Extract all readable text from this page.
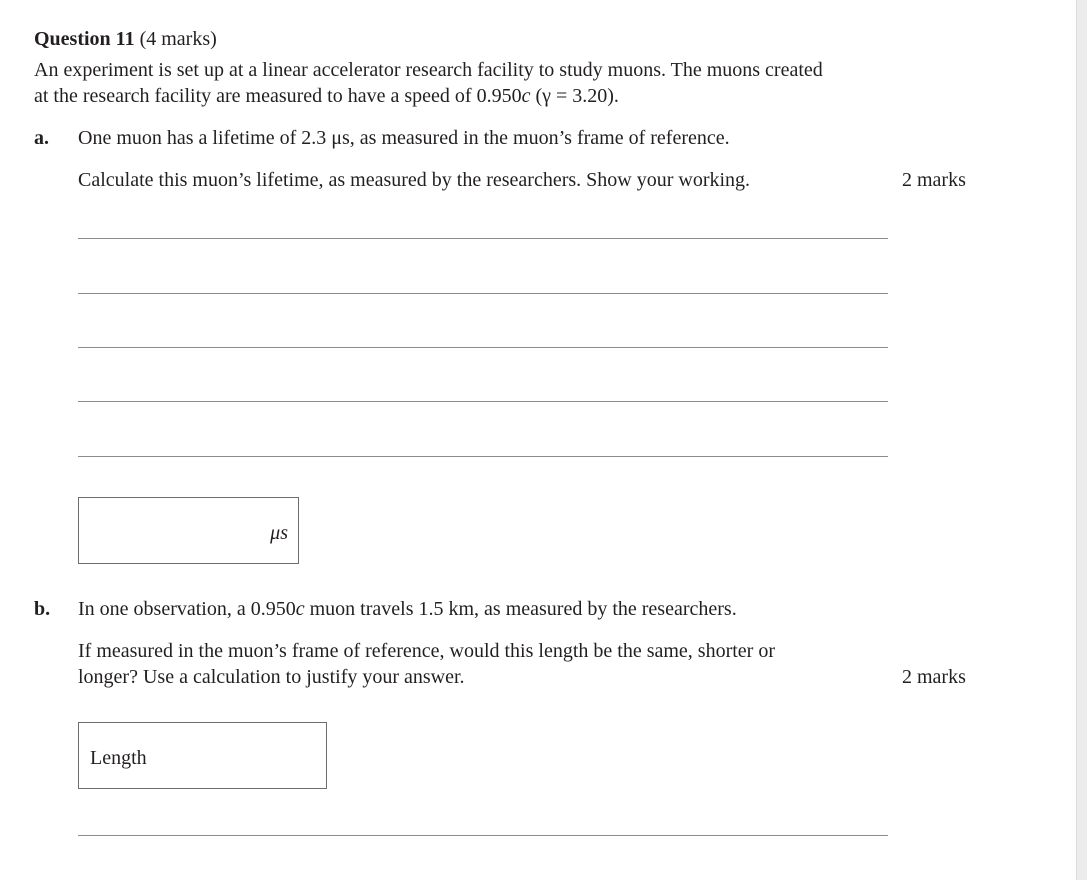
Question 11 (4 marks)
An experiment is set up at a linear accelerator research facility to study muons. The muons created
at the research facility are measured to have a speed of 0.950c (γ = 3.20).
a. One muon has a lifetime of 2.3 μs, as measured in the muon’s frame of reference.
Calculate this muon’s lifetime, as measured by the researchers. Show your working.	2 marks
μs
b. In one observation, a 0.950c muon travels 1.5 km, as measured by the researchers.
If measured in the muon’s frame of reference, would this length be the same, shorter or
longer? Use a calculation to justify your answer.	2 marks
Length
